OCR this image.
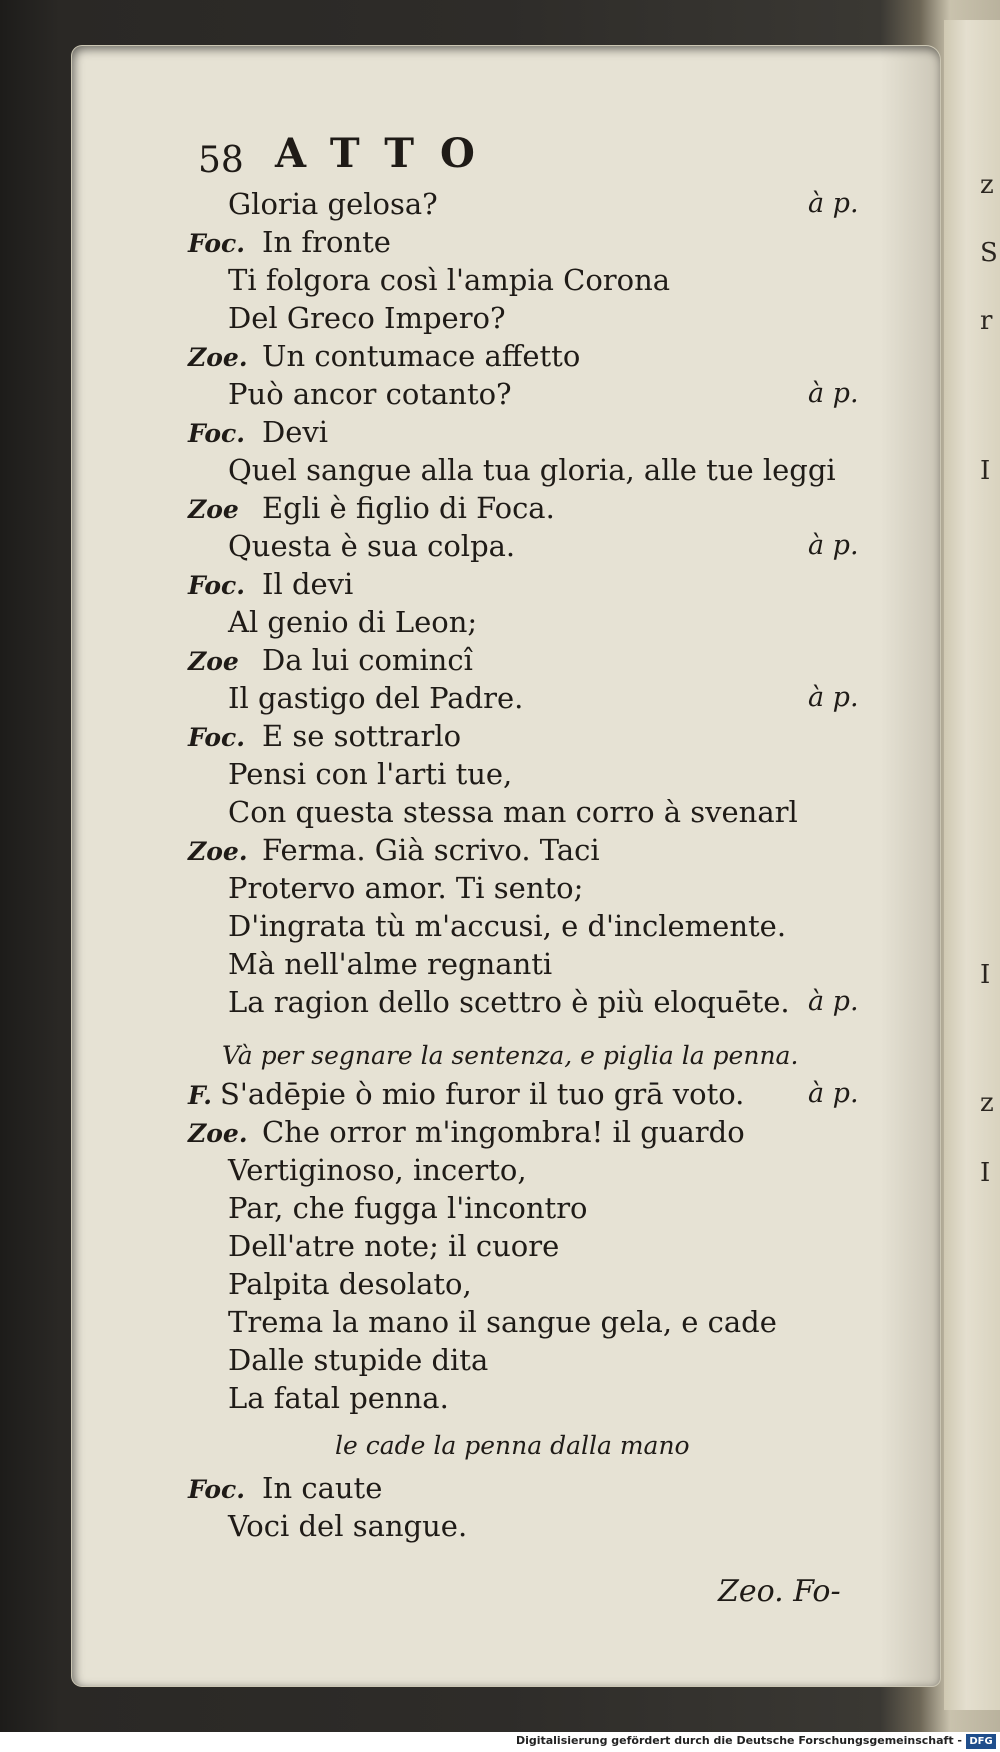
z
S
r
I
I
z
I
58 ATTO
Gloria gelosa?	à p.
Foc. In fronte
Ti folgora così l'ampia Corona
Del Greco Impero?
Zoe. Un contumace affetto
Può ancor cotanto?	à p.
Foc. Devi
Quel sangue alla tua gloria, alle tue leggi
Zoe Egli è figlio di Foca.
Questa è sua colpa.	à p.
Foc. Il devi
Al genio di Leon;
Zoe Da lui comincî
Il gastigo del Padre.	à p.
Foc. E se sottrarlo
Pensi con l'arti tue,
Con questa stessa man corro à svenarl
Zoe. Ferma. Già scrivo. Taci
Protervo amor. Ti sento;
D'ingrata tù m'accusi, e d'inclemente.
Mà nell'alme regnanti
La ragion dello scettro è più eloquēte. à p.
Và per segnare la sentenza, e piglia la penna.
F. S'adēpie ò mio furor il tuo grā voto. à p.
Zoe. Che orror m'ingombra! il guardo
Vertiginoso, incerto,
Par, che fugga l'incontro
Dell'atre note; il cuore
Palpita desolato,
Trema la mano il sangue gela, e cade
Dalle stupide dita
La fatal penna.
le cade la penna dalla mano
Foc. In caute
Voci del sangue.
Zeo. Fo-
Digitalisierung gefördert durch die Deutsche Forschungsgemeinschaft - DFG
